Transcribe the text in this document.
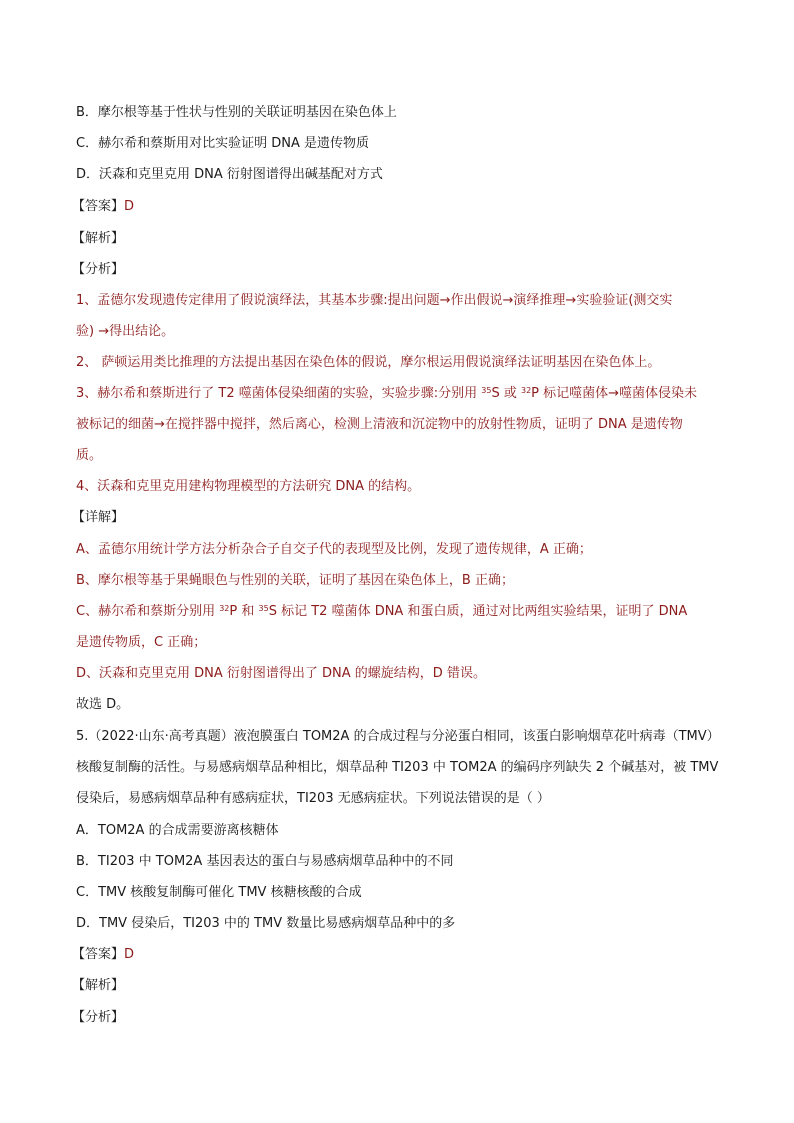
B．摩尔根等基于性状与性别的关联证明基因在染色体上
C．赫尔希和蔡斯用对比实验证明 DNA 是遗传物质
D．沃森和克里克用 DNA 衍射图谱得出碱基配对方式
【答案】D
【解析】
【分析】
1、孟德尔发现遗传定律用了假说演绎法，其基本步骤:提出问题→作出假说→演绎推理→实验验证(测交实
验) →得出结论。
2、 萨顿运用类比推理的方法提出基因在染色体的假说，摩尔根运用假说演绎法证明基因在染色体上。
3、赫尔希和蔡斯进行了 T2 噬菌体侵染细菌的实验，实验步骤:分别用 $^{35}$S 或 $^{32}$P 标记噬菌体→噬菌体侵染未
被标记的细菌→在搅拌器中搅拌，然后离心，检测上清液和沉淀物中的放射性物质，证明了 DNA 是遗传物
质。
4、沃森和克里克用建构物理模型的方法研究 DNA 的结构。
【详解】
A、孟德尔用统计学方法分析杂合子自交子代的表现型及比例，发现了遗传规律，A 正确；
B、摩尔根等基于果蝇眼色与性别的关联，证明了基因在染色体上，B 正确；
C、赫尔希和蔡斯分别用 $^{32}$P 和 $^{35}$S 标记 T2 噬菌体 DNA 和蛋白质，通过对比两组实验结果，证明了 DNA
是遗传物质，C 正确；
D、沃森和克里克用 DNA 衍射图谱得出了 DNA 的螺旋结构，D 错误。
故选 D。
5.（2022·山东·高考真题）液泡膜蛋白 TOM2A 的合成过程与分泌蛋白相同，该蛋白影响烟草花叶病毒（TMV）
核酸复制酶的活性。与易感病烟草品种相比，烟草品种 TI203 中 TOM2A 的编码序列缺失 2 个碱基对，被 TMV
侵染后，易感病烟草品种有感病症状，TI203 无感病症状。下列说法错误的是（ ）
A．TOM2A 的合成需要游离核糖体
B．TI203 中 TOM2A 基因表达的蛋白与易感病烟草品种中的不同
C．TMV 核酸复制酶可催化 TMV 核糖核酸的合成
D．TMV 侵染后，TI203 中的 TMV 数量比易感病烟草品种中的多
【答案】D
【解析】
【分析】
